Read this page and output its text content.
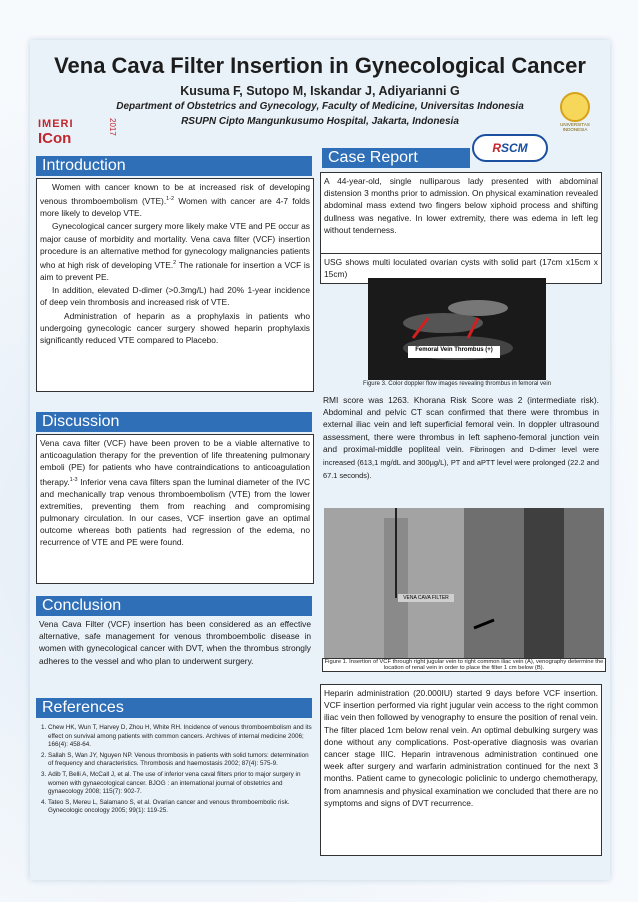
Vena Cava Filter Insertion in Gynecological Cancer
Kusuma F, Sutopo M, Iskandar J, Adiyarianni G
Department of Obstetrics and Gynecology, Faculty of Medicine, Universitas Indonesia
RSUPN Cipto Mangunkusumo Hospital, Jakarta, Indonesia
IMERI
ICon
2017	UNIVERSITAS INDONESIA
RSCM
Introduction

Women with cancer known to be at increased risk of developing venous thromboembolism (VTE).$^{1-2}$ Women with cancer are 4-7 folds more likely to develop VTE.

Gynecological cancer surgery more likely make VTE and PE occur as major cause of morbidity and mortality. Vena cava filter (VCF) insertion procedure is an alternative method for gynecology malignancies patients who at high risk of developing VTE.$^2$ The rationale for insertion a VCF is aim to prevent PE.

In addition, elevated D-dimer (>0.3mg/L) had 20% 1-year incidence of deep vein thrombosis and increased risk of VTE.

Administration of heparin as a prophylaxis in patients who undergoing gynecologic cancer surgery showed heparin prophylaxis significantly reduced VTE compared to Placebo.

Discussion

Vena cava filter (VCF) have been proven to be a viable alternative to anticoagulation therapy for the prevention of life threatening pulmonary emboli (PE) for patients who have contraindications to anticoagulation therapy.$^{1-3}$ Inferior vena cava filters span the luminal diameter of the IVC and mechanically trap venous thromboembolism (VTE) from the lower extremities, preventing them from reaching and compromising pulmonary circulation. In our cases, VCF insertion gave an optimal outcome whereas both patients had regression of the edema, no recurrence of VTE and PE were found.

Conclusion

Vena Cava Filter (VCF) insertion has been considered as an effective alternative, safe management for venous thromboembolic disease in women with gynecological cancer with DVT, when the thrombus strongly adheres to the vessel and who plan to underwent surgery.

References
1. Chew HK, Wun T, Harvey D, Zhou H, White RH. Incidence of venous thromboembolism and its effect on survival among patients with common cancers. Archives of internal medicine 2006; 166(4): 458-64.
2. Sallah S, Wan JY, Nguyen NP. Venous thrombosis in patients with solid tumors: determination of frequency and characteristics. Thrombosis and haemostasis 2002; 87(4): 575-9.
3. Adib T, Belli A, McCall J, et al. The use of inferior vena caval filters prior to major surgery in women with gynaecological cancer. BJOG : an international journal of obstetrics and gynaecology 2008; 115(7): 902-7.
4. Tateo S, Mereu L, Salamano S, et al. Ovarian cancer and venous thromboembolic risk. Gynecologic oncology 2005; 99(1): 119-25.
Case Report

A 44-year-old, single nulliparous lady presented with abdominal distension 3 months prior to admission. On physical examination revealed abdominal mass extend two fingers below xiphoid process and shifting dullness was negative. In lower extremity, there was edema in left leg without tenderness.

USG shows multi loculated ovarian cysts with solid part (17cm x15cm x 15cm)

Femoral Vein Thrombus (+)
Figure 3. Color doppler flow images revealing thrombus in femoral vein

RMI score was 1263. Khorana Risk Score was 2 (intermediate risk). Abdominal and pelvic CT scan confirmed that there were thrombus in external iliac vein and left superficial femoral vein. In doppler ultrasound assessment, there were thrombus in left sapheno-femoral junction vein and proximal-middle popliteal vein. Fibrinogen and D-dimer level were increased (613,1 mg/dL and 300µg/L), PT and aPTT level were prolonged (22.2 and 67.1 seconds).

VENA CAVA FILTER
Figure 1. Insertion of VCF through right jugular vein to right common iliac vein (A), venography determine the location of renal vein in order to place the filter 1 cm below (B).

Heparin administration (20.000IU) started 9 days before VCF insertion. VCF insertion performed via right jugular vein access to the right common iliac vein then followed by venography to ensure the position of renal vein. The filter placed 1cm below renal vein. An optimal debulking surgery was done without any complications. Post-operative diagnosis was ovarian cancer stage IIIC. Heparin intravenous administration continued one week after surgery and warfarin administration continued for the next 3 months. Patient came to gynecologic policlinic to undergo chemotherapy, from anamnesis and physical examination we concluded that there are no symptoms and signs of DVT recurrence.
